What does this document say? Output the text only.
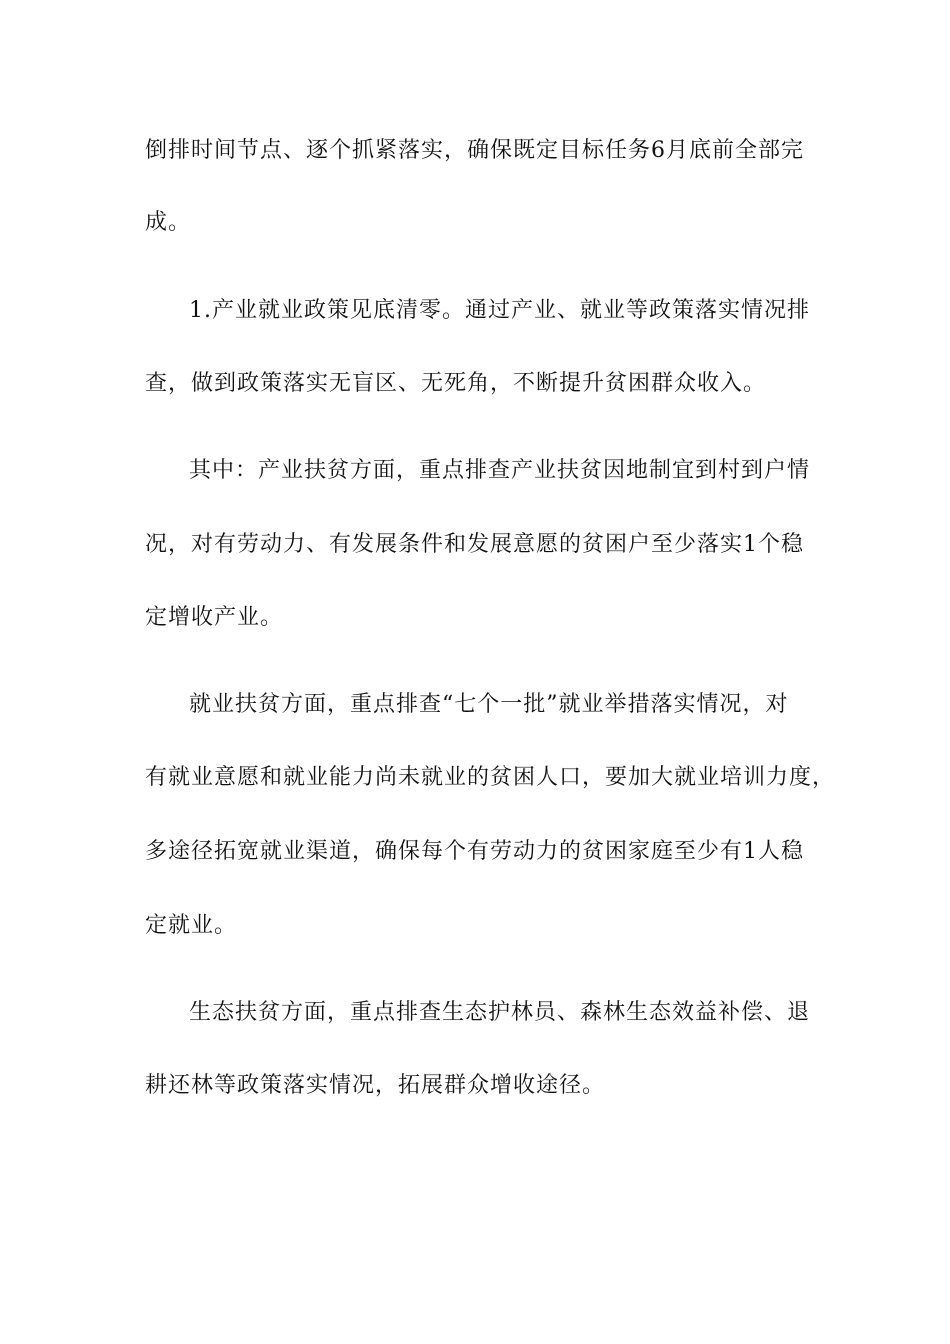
倒排时间节点、逐个抓紧落实，确保既定目标任务6月底前全部完
成。
1.产业就业政策见底清零。通过产业、就业等政策落实情况排
查，做到政策落实无盲区、无死角，不断提升贫困群众收入。
其中：产业扶贫方面，重点排查产业扶贫因地制宜到村到户情
况，对有劳动力、有发展条件和发展意愿的贫困户至少落实1个稳
定增收产业。
就业扶贫方面，重点排查“七个一批”就业举措落实情况，对
有就业意愿和就业能力尚未就业的贫困人口，要加大就业培训力度，
多途径拓宽就业渠道，确保每个有劳动力的贫困家庭至少有1人稳
定就业。
生态扶贫方面，重点排查生态护林员、森林生态效益补偿、退
耕还林等政策落实情况，拓展群众增收途径。
